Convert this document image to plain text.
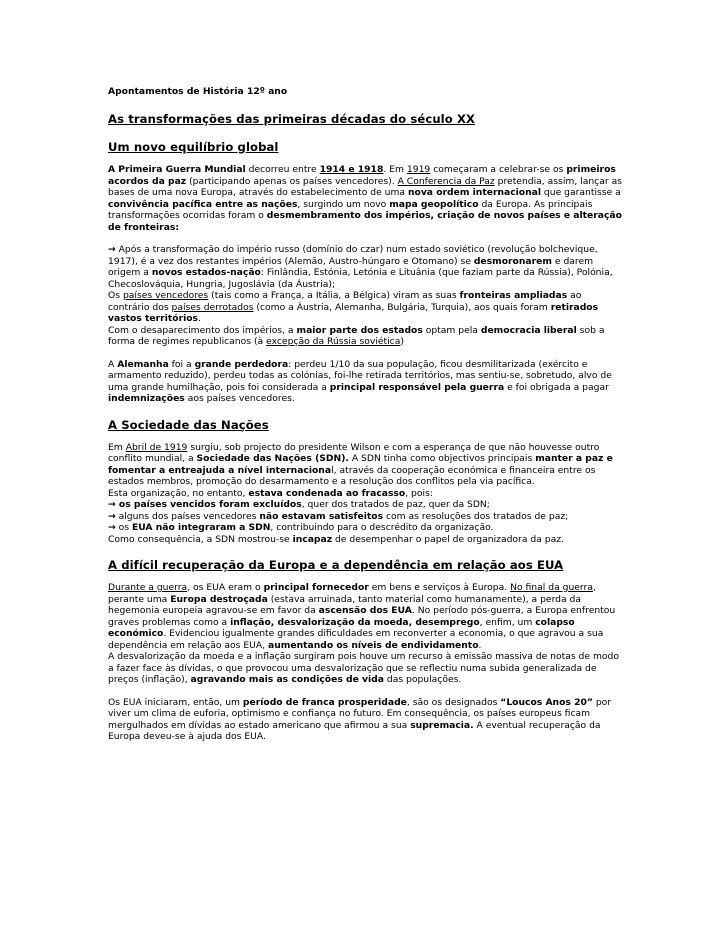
Apontamentos de História 12º ano
As transformações das primeiras décadas do século XX
Um novo equilíbrio global

A Primeira Guerra Mundial decorreu entre 1914 e 1918. Em 1919 começaram a celebrar-se os primeiros acordos da paz (participando apenas os países vencedores). A Conferencia da Paz pretendia, assim, lançar as bases de uma nova Europa, através do estabelecimento de uma nova ordem internacional que garantisse a convivência pacífica entre as nações, surgindo um novo mapa geopolítico da Europa. As principais transformações ocorridas foram o desmembramento dos impérios, criação de novos países e alteração de fronteiras:

→ Após a transformação do império russo (domínio do czar) num estado soviético (revolução bolchevique, 1917), é a vez dos restantes impérios (Alemão, Austro-húngaro e Otomano) se desmoronarem e darem origem a novos estados-nação: Finlândia, Estónia, Letónia e Lituânia (que faziam parte da Rússia), Polónia, Checoslováquia, Hungria, Jugoslávia (da Áustria);
Os países vencedores (tais como a França, a Itália, a Bélgica) viram as suas fronteiras ampliadas ao contrário dos países derrotados (como a Áustria, Alemanha, Bulgária, Turquia), aos quais foram retirados vastos territórios.
Com o desaparecimento dos impérios, a maior parte dos estados optam pela democracia liberal sob a forma de regimes republicanos (à excepção da Rússia soviética)

A Alemanha foi a grande perdedora: perdeu 1/10 da sua população, ficou desmilitarizada (exército e armamento reduzido), perdeu todas as colónias, foi-lhe retirada territórios, mas sentiu-se, sobretudo, alvo de uma grande humilhação, pois foi considerada a principal responsável pela guerra e foi obrigada a pagar indemnizações aos países vencedores.

A Sociedade das Nações

Em Abril de 1919 surgiu, sob projecto do presidente Wilson e com a esperança de que não houvesse outro conflito mundial, a Sociedade das Nações (SDN). A SDN tinha como objectivos principais manter a paz e fomentar a entreajuda a nível internacional, através da cooperação económica e financeira entre os estados membros, promoção do desarmamento e a resolução dos conflitos pela via pacífica.
Esta organização, no entanto, estava condenada ao fracasso, pois:
→ os países vencidos foram excluídos, quer dos tratados de paz, quer da SDN;
→ alguns dos países vencedores não estavam satisfeitos com as resoluções dos tratados de paz;
→ os EUA não integraram a SDN, contribuindo para o descrédito da organização.
Como consequência, a SDN mostrou-se incapaz de desempenhar o papel de organizadora da paz.

A difícil recuperação da Europa e a dependência em relação aos EUA

Durante a guerra, os EUA eram o principal fornecedor em bens e serviços à Europa. No final da guerra, perante uma Europa destroçada (estava arruinada, tanto material como humanamente), a perda da hegemonia europeia agravou-se em favor da ascensão dos EUA. No período pós-guerra, a Europa enfrentou graves problemas como a inflação, desvalorização da moeda, desemprego, enfim, um colapso económico. Evidenciou igualmente grandes dificuldades em reconverter a economia, o que agravou a sua dependência em relação aos EUA, aumentando os níveis de endividamento.
A desvalorização da moeda e a inflação surgiram pois houve um recurso à emissão massiva de notas de modo a fazer face às dívidas, o que provocou uma desvalorização que se reflectiu numa subida generalizada de preços (inflação), agravando mais as condições de vida das populações.

Os EUA iniciaram, então, um período de franca prosperidade, são os designados “Loucos Anos 20” por viver um clima de euforia, optimismo e confiança no futuro. Em consequência, os países europeus ficam mergulhados em dívidas ao estado americano que afirmou a sua supremacia. A eventual recuperação da Europa deveu-se à ajuda dos EUA.
